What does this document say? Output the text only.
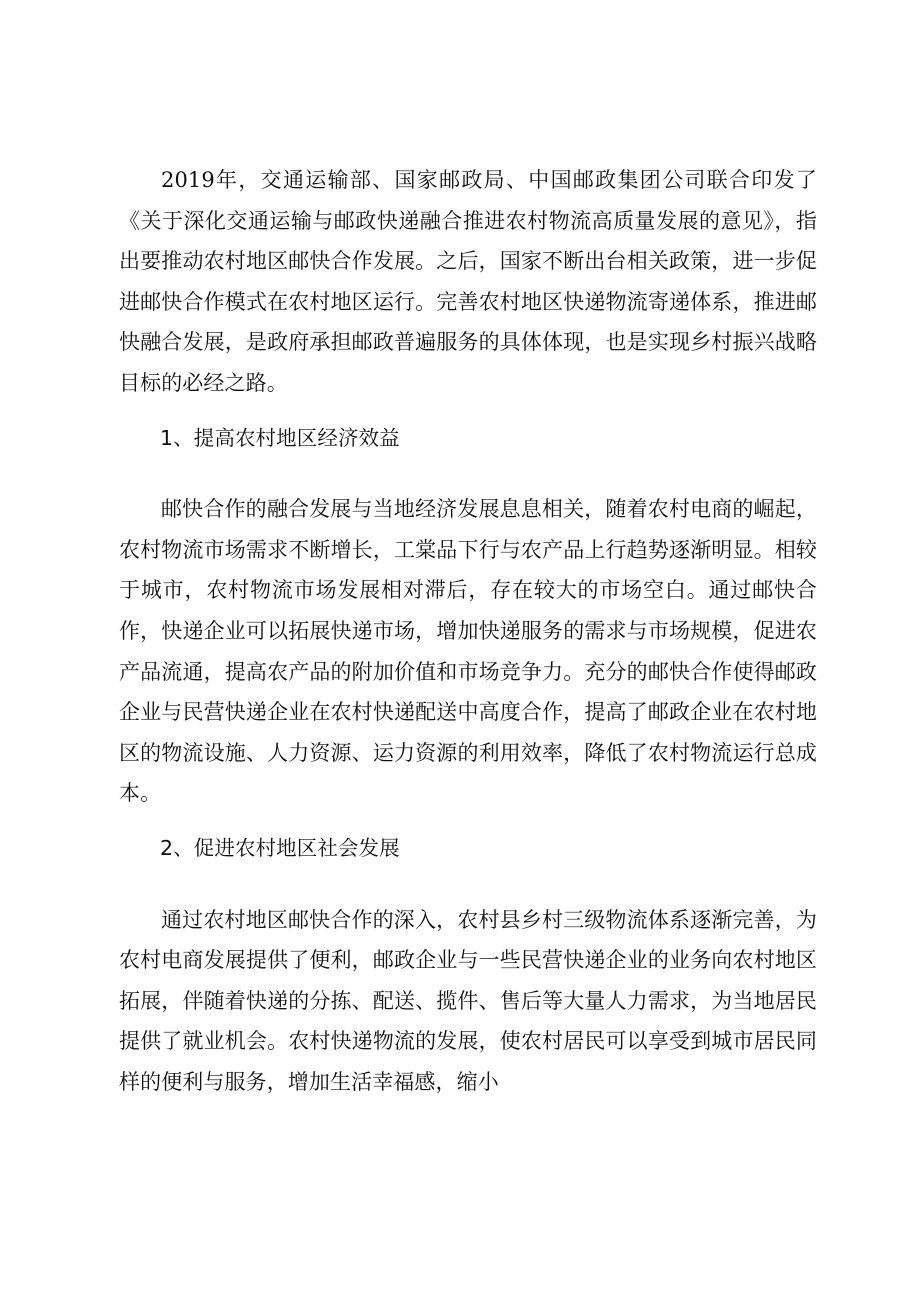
2019年，交通运输部、国家邮政局、中国邮政集团公司联合印发了《关于深化交通运输与邮政快递融合推进农村物流高质量发展的意见》，指出要推动农村地区邮快合作发展。之后，国家不断出台相关政策，进一步促进邮快合作模式在农村地区运行。完善农村地区快递物流寄递体系，推进邮快融合发展，是政府承担邮政普遍服务的具体体现，也是实现乡村振兴战略目标的必经之路。

1、提高农村地区经济效益

邮快合作的融合发展与当地经济发展息息相关，随着农村电商的崛起，农村物流市场需求不断增长，工棠品下行与农产品上行趋势逐渐明显。相较于城市，农村物流市场发展相对滞后，存在较大的市场空白。通过邮快合作，快递企业可以拓展快递市场，增加快递服务的需求与市场规模，促进农产品流通，提高农产品的附加价值和市场竞争力。充分的邮快合作使得邮政企业与民营快递企业在农村快递配送中高度合作，提高了邮政企业在农村地区的物流设施、人力资源、运力资源的利用效率，降低了农村物流运行总成本。

2、促进农村地区社会发展

通过农村地区邮快合作的深入，农村县乡村三级物流体系逐渐完善，为农村电商发展提供了便利，邮政企业与一些民营快递企业的业务向农村地区拓展，伴随着快递的分拣、配送、揽件、售后等大量人力需求，为当地居民提供了就业机会。农村快递物流的发展，使农村居民可以享受到城市居民同样的便利与服务，增加生活幸福感，缩小
